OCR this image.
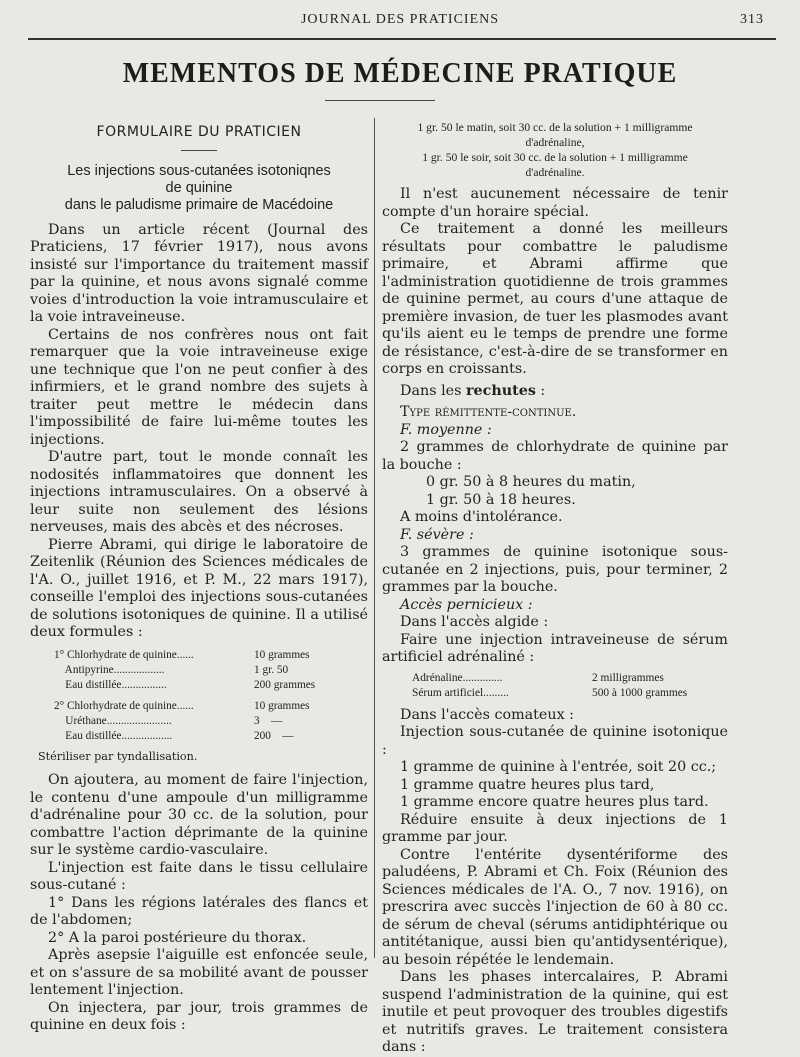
JOURNAL DES PRATICIENS	313
MEMENTOS DE MÉDECINE PRATIQUE
FORMULAIRE DU PRATICIEN
Les injections sous-cutanées isotoniqnes
de quinine
dans le paludisme primaire de Macédoine

Dans un article récent (Journal des Praticiens, 17 février 1917), nous avons insisté sur l'importance du traitement massif par la quinine, et nous avons signalé comme voies d'introduction la voie intramusculaire et la voie intraveineuse.

Certains de nos confrères nous ont fait remarquer que la voie intraveineuse exige une technique que l'on ne peut confier à des infirmiers, et le grand nombre des sujets à traiter peut mettre le médecin dans l'impossibilité de faire lui-même toutes les injections.

D'autre part, tout le monde connaît les nodosités inflammatoires que donnent les injections intramusculaires. On a observé à leur suite non seulement des lésions nerveuses, mais des abcès et des nécroses.

Pierre Abrami, qui dirige le laboratoire de Zeitenlik (Réunion des Sciences médicales de l'A. O., juillet 1916, et P. M., 22 mars 1917), conseille l'emploi des injections sous-cutanées de solutions isotoniques de quinine. Il a utilisé deux formules :

1° Chlorhydrate de quinine......	10 grammes
Antipyrine..................	1 gr. 50
Eau distillée................	200 grammes
2° Chlorhydrate de quinine......	10 grammes
Uréthane.......................	3    —
Eau distillée..................	200    —
Stériliser par tyndallisation.

On ajoutera, au moment de faire l'injection, le contenu d'une ampoule d'un milligramme d'adrénaline pour 30 cc. de la solution, pour combattre l'action déprimante de la quinine sur le système cardio-vasculaire.

L'injection est faite dans le tissu cellulaire sous-cutané :

1° Dans les régions latérales des flancs et de l'abdomen;

2° A la paroi postérieure du thorax.

Après asepsie l'aiguille est enfoncée seule, et on s'assure de sa mobilité avant de pousser lentement l'injection.

On injectera, par jour, trois grammes de quinine en deux fois :

1 gr. 50 le matin, soit 30 cc. de la solution + 1 milligramme
d'adrénaline,
1 gr. 50 le soir, soit 30 cc. de la solution + 1 milligramme
d'adrénaline.

Il n'est aucunement nécessaire de tenir compte d'un horaire spécial.

Ce traitement a donné les meilleurs résultats pour combattre le paludisme primaire, et Abrami affirme que l'administration quotidienne de trois grammes de quinine permet, au cours d'une attaque de première invasion, de tuer les plasmodes avant qu'ils aient eu le temps de prendre une forme de résistance, c'est-à-dire de se transformer en corps en croissants.

Dans les rechutes :

Type rémittente-continue.

F. moyenne :

2 grammes de chlorhydrate de quinine par la bouche :

0 gr. 50 à 8 heures du matin,

1 gr. 50 à 18 heures.

A moins d'intolérance.

F. sévère :

3 grammes de quinine isotonique sous-cutanée en 2 injections, puis, pour terminer, 2 grammes par la bouche.

Accès pernicieux :

Dans l'accès algide :

Faire une injection intraveineuse de sérum artificiel adrénaliné :

Adrénaline..............	2 milligrammes
Sérum artificiel.........	500 à 1000 grammes

Dans l'accès comateux :

Injection sous-cutanée de quinine isotonique :

1 gramme de quinine à l'entrée, soit 20 cc.;

1 gramme quatre heures plus tard,

1 gramme encore quatre heures plus tard.

Réduire ensuite à deux injections de 1 gramme par jour.

Contre l'entérite dysentériforme des paludéens, P. Abrami et Ch. Foix (Réunion des Sciences médicales de l'A. O., 7 nov. 1916), on prescrira avec succès l'injection de 60 à 80 cc. de sérum de cheval (sérums antidiphtérique ou antitétanique, aussi bien qu'antidysentérique), au besoin répétée le lendemain.

Dans les phases intercalaires, P. Abrami suspend l'administration de la quinine, qui est inutile et peut provoquer des troubles digestifs et nutritifs graves. Le traitement consistera dans :
